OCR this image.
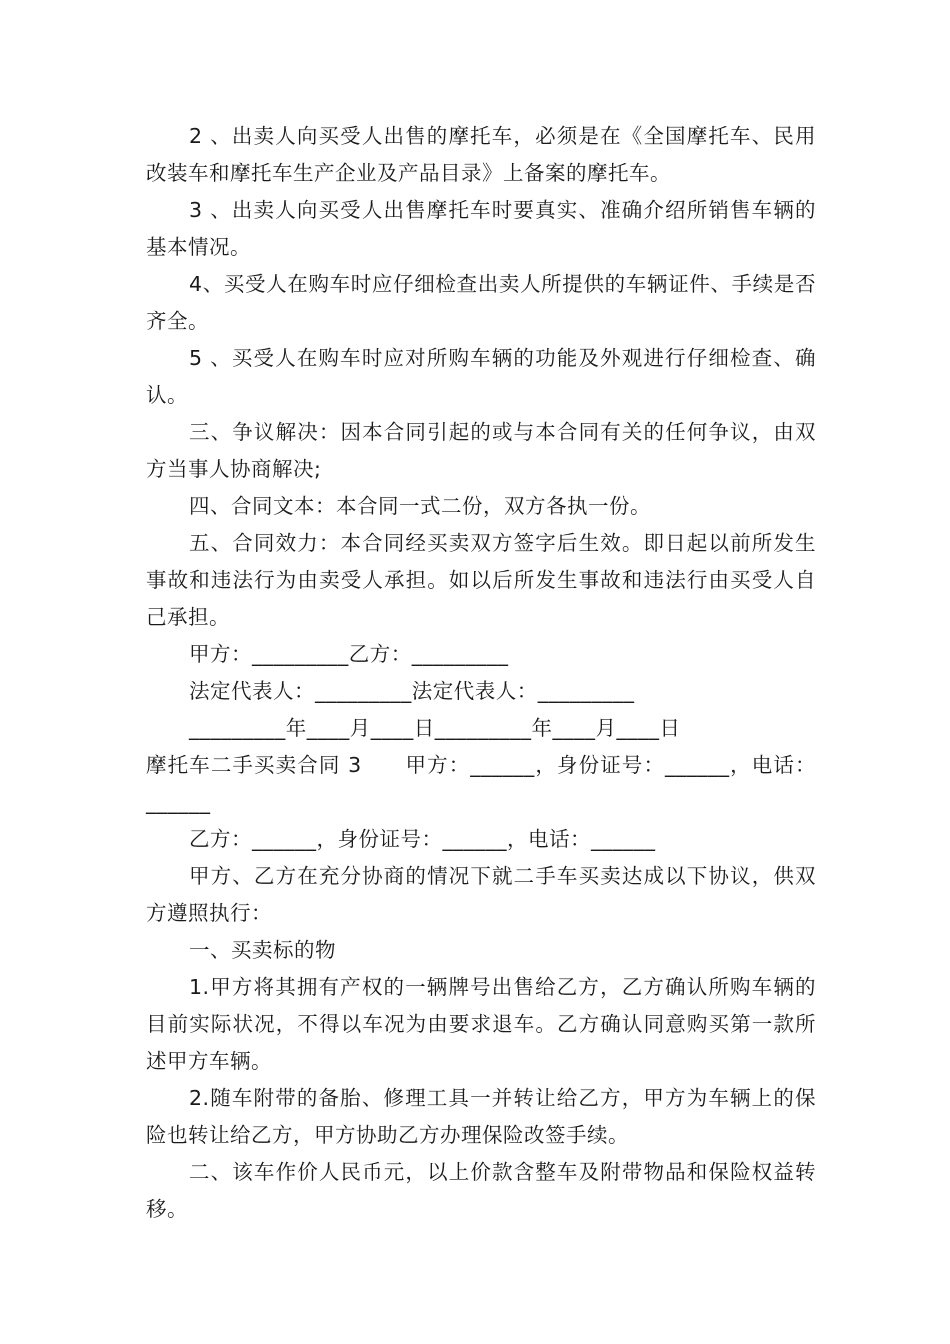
2 、出卖人向买受人出售的摩托车，必须是在《全国摩托车、民用改装车和摩托车生产企业及产品目录》上备案的摩托车。

3 、出卖人向买受人出售摩托车时要真实、准确介绍所销售车辆的基本情况。

4、买受人在购车时应仔细检查出卖人所提供的车辆证件、手续是否齐全。

5 、买受人在购车时应对所购车辆的功能及外观进行仔细检查、确认。

三、争议解决：因本合同引起的或与本合同有关的任何争议，由双方当事人协商解决;

四、合同文本：本合同一式二份，双方各执一份。

五、合同效力：本合同经买卖双方签字后生效。即日起以前所发生事故和违法行为由卖受人承担。如以后所发生事故和违法行由买受人自己承担。

甲方：_________乙方：_________

法定代表人：_________法定代表人：_________

_________年____月____日_________年____月____日

摩托车二手买卖合同 3　　甲方：______，身份证号：______，电话：______

乙方：______，身份证号：______，电话：______

甲方、乙方在充分协商的情况下就二手车买卖达成以下协议，供双方遵照执行：

一、买卖标的物

1.甲方将其拥有产权的一辆牌号出售给乙方，乙方确认所购车辆的目前实际状况，不得以车况为由要求退车。乙方确认同意购买第一款所述甲方车辆。

2.随车附带的备胎、修理工具一并转让给乙方，甲方为车辆上的保险也转让给乙方，甲方协助乙方办理保险改签手续。

二、该车作价人民币元，以上价款含整车及附带物品和保险权益转移。
